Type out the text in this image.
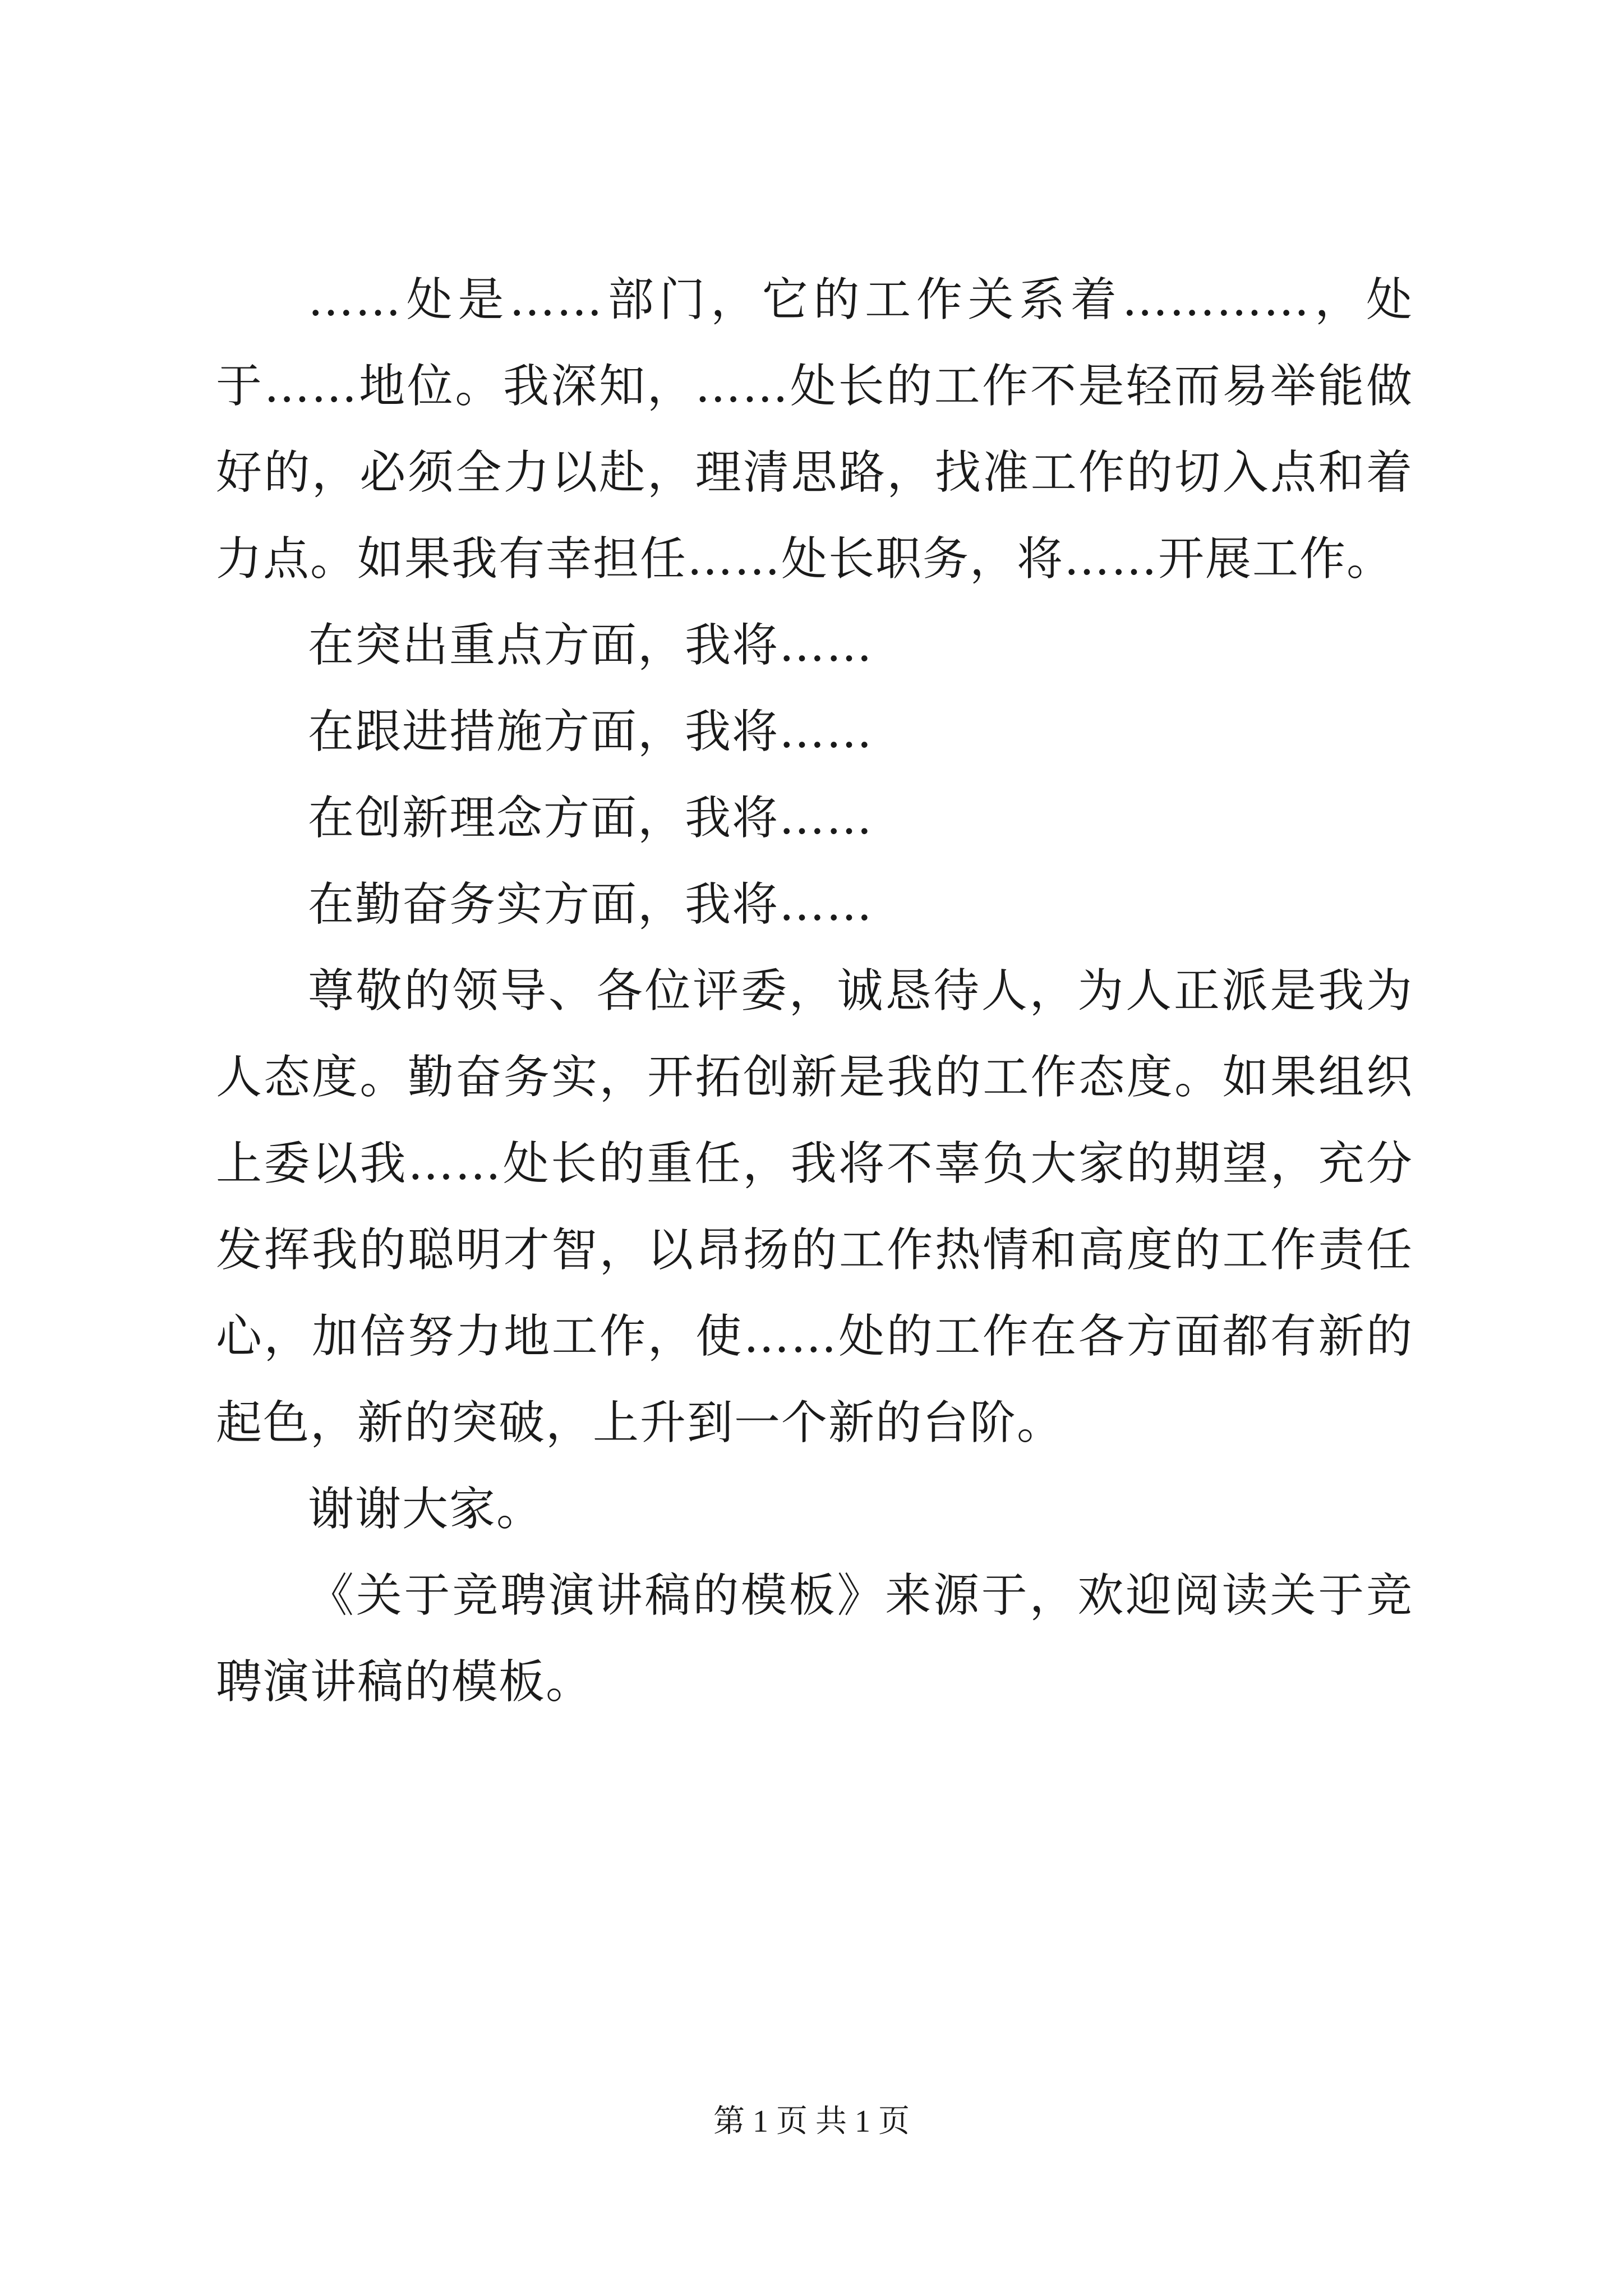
……处是……部门，它的工作关系着…………，处于……地位。我深知，……处长的工作不是轻而易举能做好的，必须全力以赴，理清思路，找准工作的切入点和着力点。如果我有幸担任……处长职务，将……开展工作。

在突出重点方面，我将……

在跟进措施方面，我将……

在创新理念方面，我将……

在勤奋务实方面，我将……

尊敬的领导、各位评委，诚恳待人，为人正派是我为人态度。勤奋务实，开拓创新是我的工作态度。如果组织上委以我……处长的重任，我将不辜负大家的期望，充分发挥我的聪明才智，以昂扬的工作热情和高度的工作责任心，加倍努力地工作，使……处的工作在各方面都有新的起色，新的突破，上升到一个新的台阶。

谢谢大家。

《关于竞聘演讲稿的模板》来源于，欢迎阅读关于竞聘演讲稿的模板。

第 1 页 共 1 页
